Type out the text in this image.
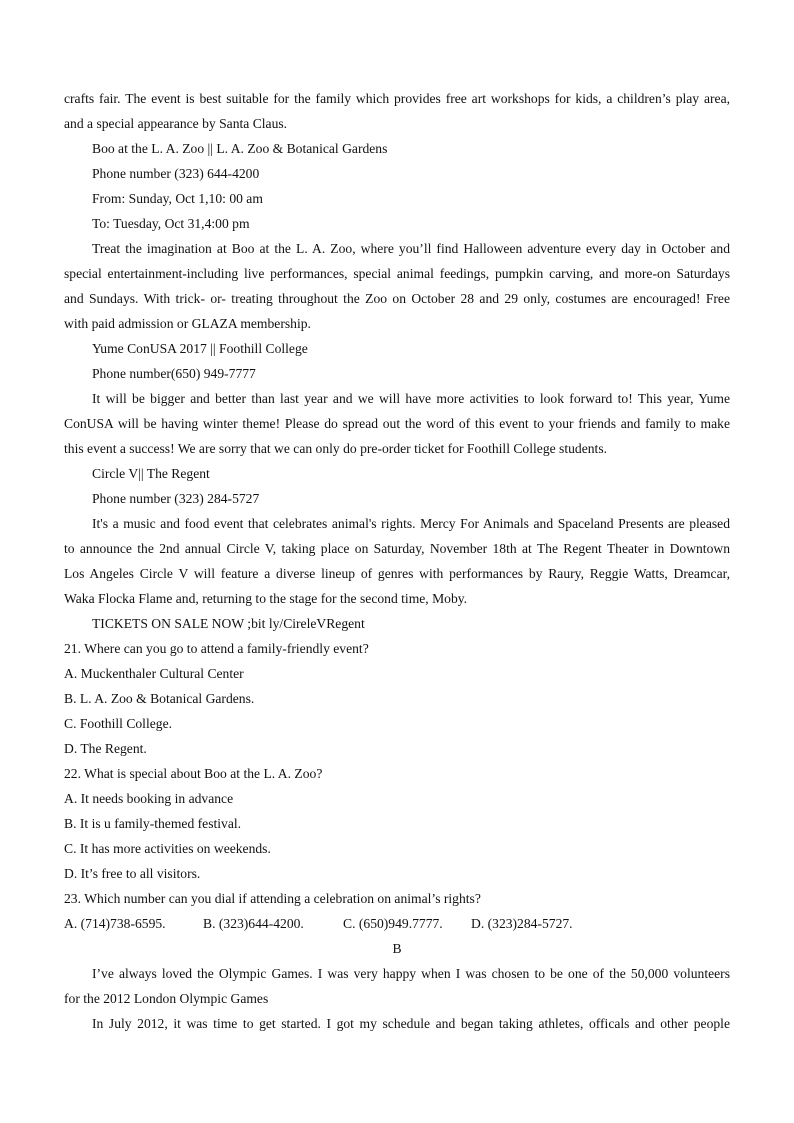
crafts fair. The event is best suitable for the family which provides free art workshops for kids, a children’s play area,
and a special appearance by Santa Claus.
Boo at the L. A. Zoo || L. A. Zoo & Botanical Gardens
Phone number (323) 644-4200
From: Sunday, Oct 1,10: 00 am
To: Tuesday, Oct 31,4:00 pm
Treat the imagination at Boo at the L. A. Zoo, where you’ll find Halloween adventure every day in October and
special entertainment-including live performances, special animal feedings, pumpkin carving, and more-on Saturdays
and Sundays. With trick- or- treating throughout the Zoo on October 28 and 29 only, costumes are encouraged! Free
with paid admission or GLAZA membership.
Yume ConUSA 2017 || Foothill College
Phone number(650) 949-7777
It will be bigger and better than last year and we will have more activities to look forward to! This year, Yume
ConUSA will be having winter theme! Please do spread out the word of this event to your friends and family to make
this event a success! We are sorry that we can only do pre-order ticket for Foothill College students.
Circle V|| The Regent
Phone number (323) 284-5727
It's a music and food event that celebrates animal's rights. Mercy For Animals and Spaceland Presents are pleased
to announce the 2nd annual Circle V, taking place on Saturday, November 18th at The Regent Theater in Downtown
Los Angeles Circle V will feature a diverse lineup of genres with performances by Raury, Reggie Watts, Dreamcar,
Waka Flocka Flame and, returning to the stage for the second time, Moby.
TICKETS ON SALE NOW ;bit ly/CireleVRegent
21. Where can you go to attend a family-friendly event?
A. Muckenthaler Cultural Center
B. L. A. Zoo & Botanical Gardens.
C. Foothill College.
D. The Regent.
22. What is special about Boo at the L. A. Zoo?
A. It needs booking in advance
B. It is u family-themed festival.
C. It has more activities on weekends.
D. It’s free to all visitors.
23. Which number can you dial if attending a celebration on animal’s rights?
A. (714)738-6595.	B. (323)644-4200.	C. (650)949.7777.	D. (323)284-5727.
B
I’ve always loved the Olympic Games. I was very happy when I was chosen to be one of the 50,000 volunteers
for the 2012 London Olympic Games
In July 2012, it was time to get started. I got my schedule and began taking athletes, officals and other people
